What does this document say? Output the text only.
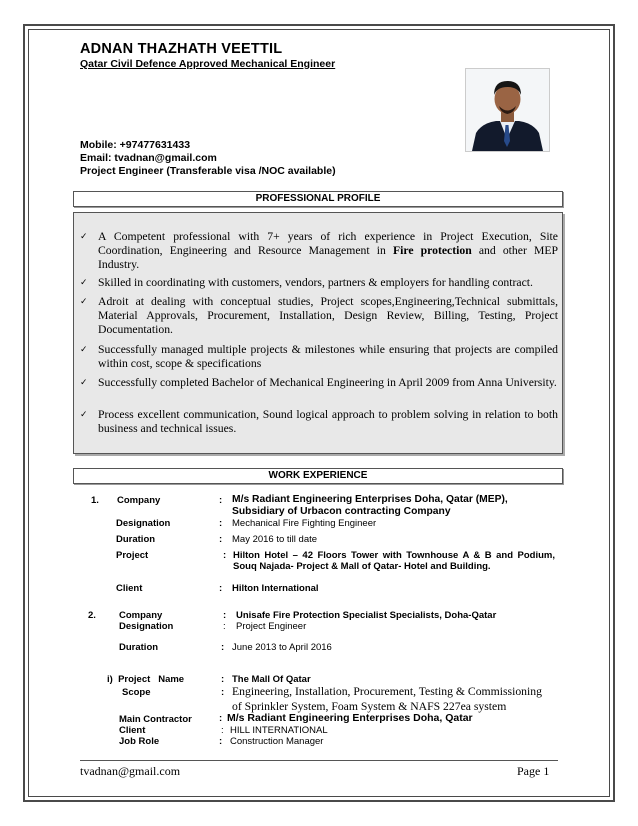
ADNAN THAZHATH VEETTIL
Qatar Civil Defence Approved Mechanical Engineer
Mobile: +97477631433
Email: tvadnan@gmail.com
Project Engineer (Transferable visa /NOC available)
PROFESSIONAL PROFILE
✓ A Competent professional with 7+ years of rich experience in Project Execution, Site Coordination, Engineering and Resource Management in Fire protection and other MEP Industry.
✓ Skilled in coordinating with customers, vendors, partners & employers for handling contract.
✓ Adroit at dealing with conceptual studies, Project scopes,Engineering,Technical submittals, Material Approvals, Procurement, Installation, Design Review, Billing, Testing, Project Documentation.
✓ Successfully managed multiple projects & milestones while ensuring that projects are compiled within cost, scope & specifications
✓ Successfully completed Bachelor of Mechanical Engineering in April 2009 from Anna University.
✓ Process excellent communication, Sound logical approach to problem solving in relation to both business and technical issues.
WORK EXPERIENCE
1. Company	: M/s Radiant Engineering Enterprises Doha, Qatar (MEP), Subsidiary of Urbacon contracting Company
Designation	: Mechanical Fire Fighting Engineer
Duration	: May 2016 to till date
Project	: Hilton Hotel – 42 Floors Tower with Townhouse A & B and Podium, Souq Najada- Project & Mall of Qatar- Hotel and Building.
Client	: Hilton International
2. Company	: Unisafe Fire Protection Specialist Specialists, Doha-Qatar
Designation	: Project Engineer
Duration	: June 2013 to April 2016
i)  Project   Name	: The Mall Of Qatar
Scope	: Engineering, Installation, Procurement, Testing & Commissioning of Sprinkler System, Foam System & NAFS 227ea system
Main Contractor	: M/s Radiant Engineering Enterprises Doha, Qatar
Client	: HILL INTERNATIONAL
Job Role	: Construction Manager
tvadnan@gmail.com	Page 1
